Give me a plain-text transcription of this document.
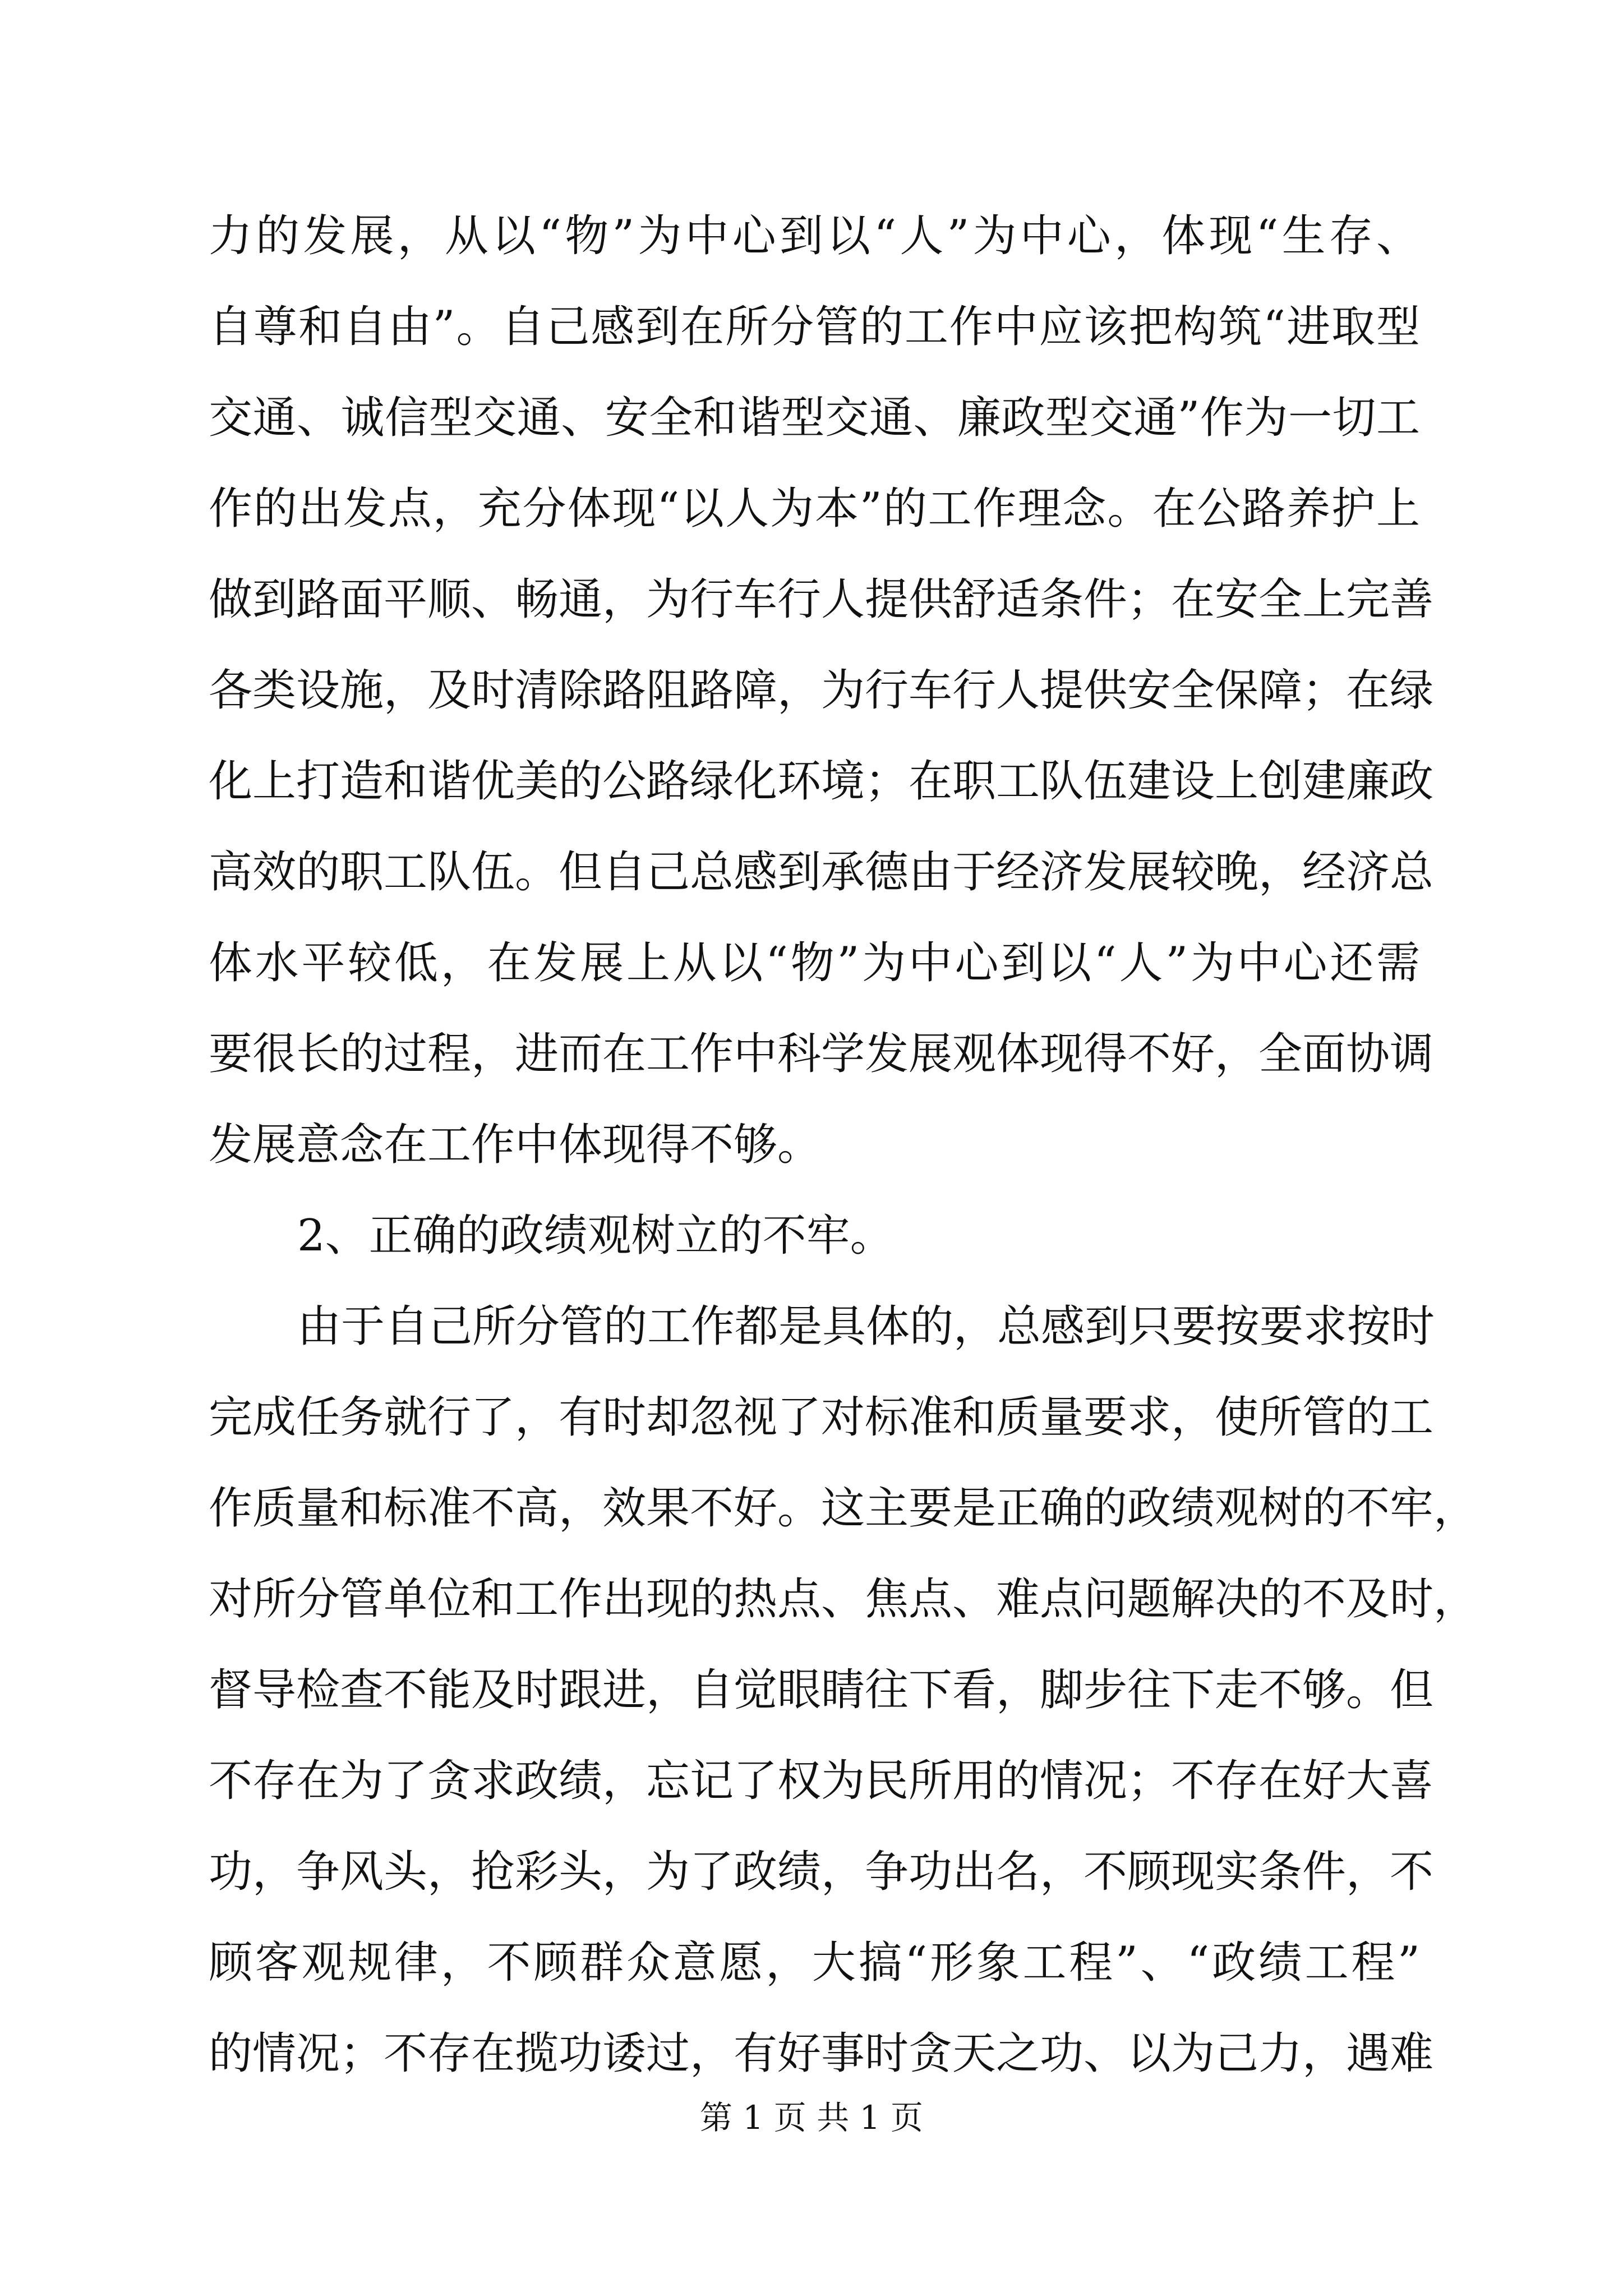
力的发展，从以“物”为中心到以“人”为中心，体现“生存、
自尊和自由”。自己感到在所分管的工作中应该把构筑“进取型
交通、诚信型交通、安全和谐型交通、廉政型交通”作为一切工
作的出发点，充分体现“以人为本”的工作理念。在公路养护上
做到路面平顺、畅通，为行车行人提供舒适条件；在安全上完善
各类设施，及时清除路阻路障，为行车行人提供安全保障；在绿
化上打造和谐优美的公路绿化环境；在职工队伍建设上创建廉政
高效的职工队伍。但自己总感到承德由于经济发展较晚，经济总
体水平较低，在发展上从以“物”为中心到以“人”为中心还需
要很长的过程，进而在工作中科学发展观体现得不好，全面协调
发展意念在工作中体现得不够。
2、正确的政绩观树立的不牢。
由于自己所分管的工作都是具体的，总感到只要按要求按时
完成任务就行了，有时却忽视了对标准和质量要求，使所管的工
作质量和标准不高，效果不好。这主要是正确的政绩观树的不牢，
对所分管单位和工作出现的热点、焦点、难点问题解决的不及时，
督导检查不能及时跟进，自觉眼睛往下看，脚步往下走不够。但
不存在为了贪求政绩，忘记了权为民所用的情况；不存在好大喜
功，争风头，抢彩头，为了政绩，争功出名，不顾现实条件，不
顾客观规律，不顾群众意愿，大搞“形象工程”、“政绩工程”
的情况；不存在揽功诿过，有好事时贪天之功、以为己力，遇难
第 1 页 共 1 页
